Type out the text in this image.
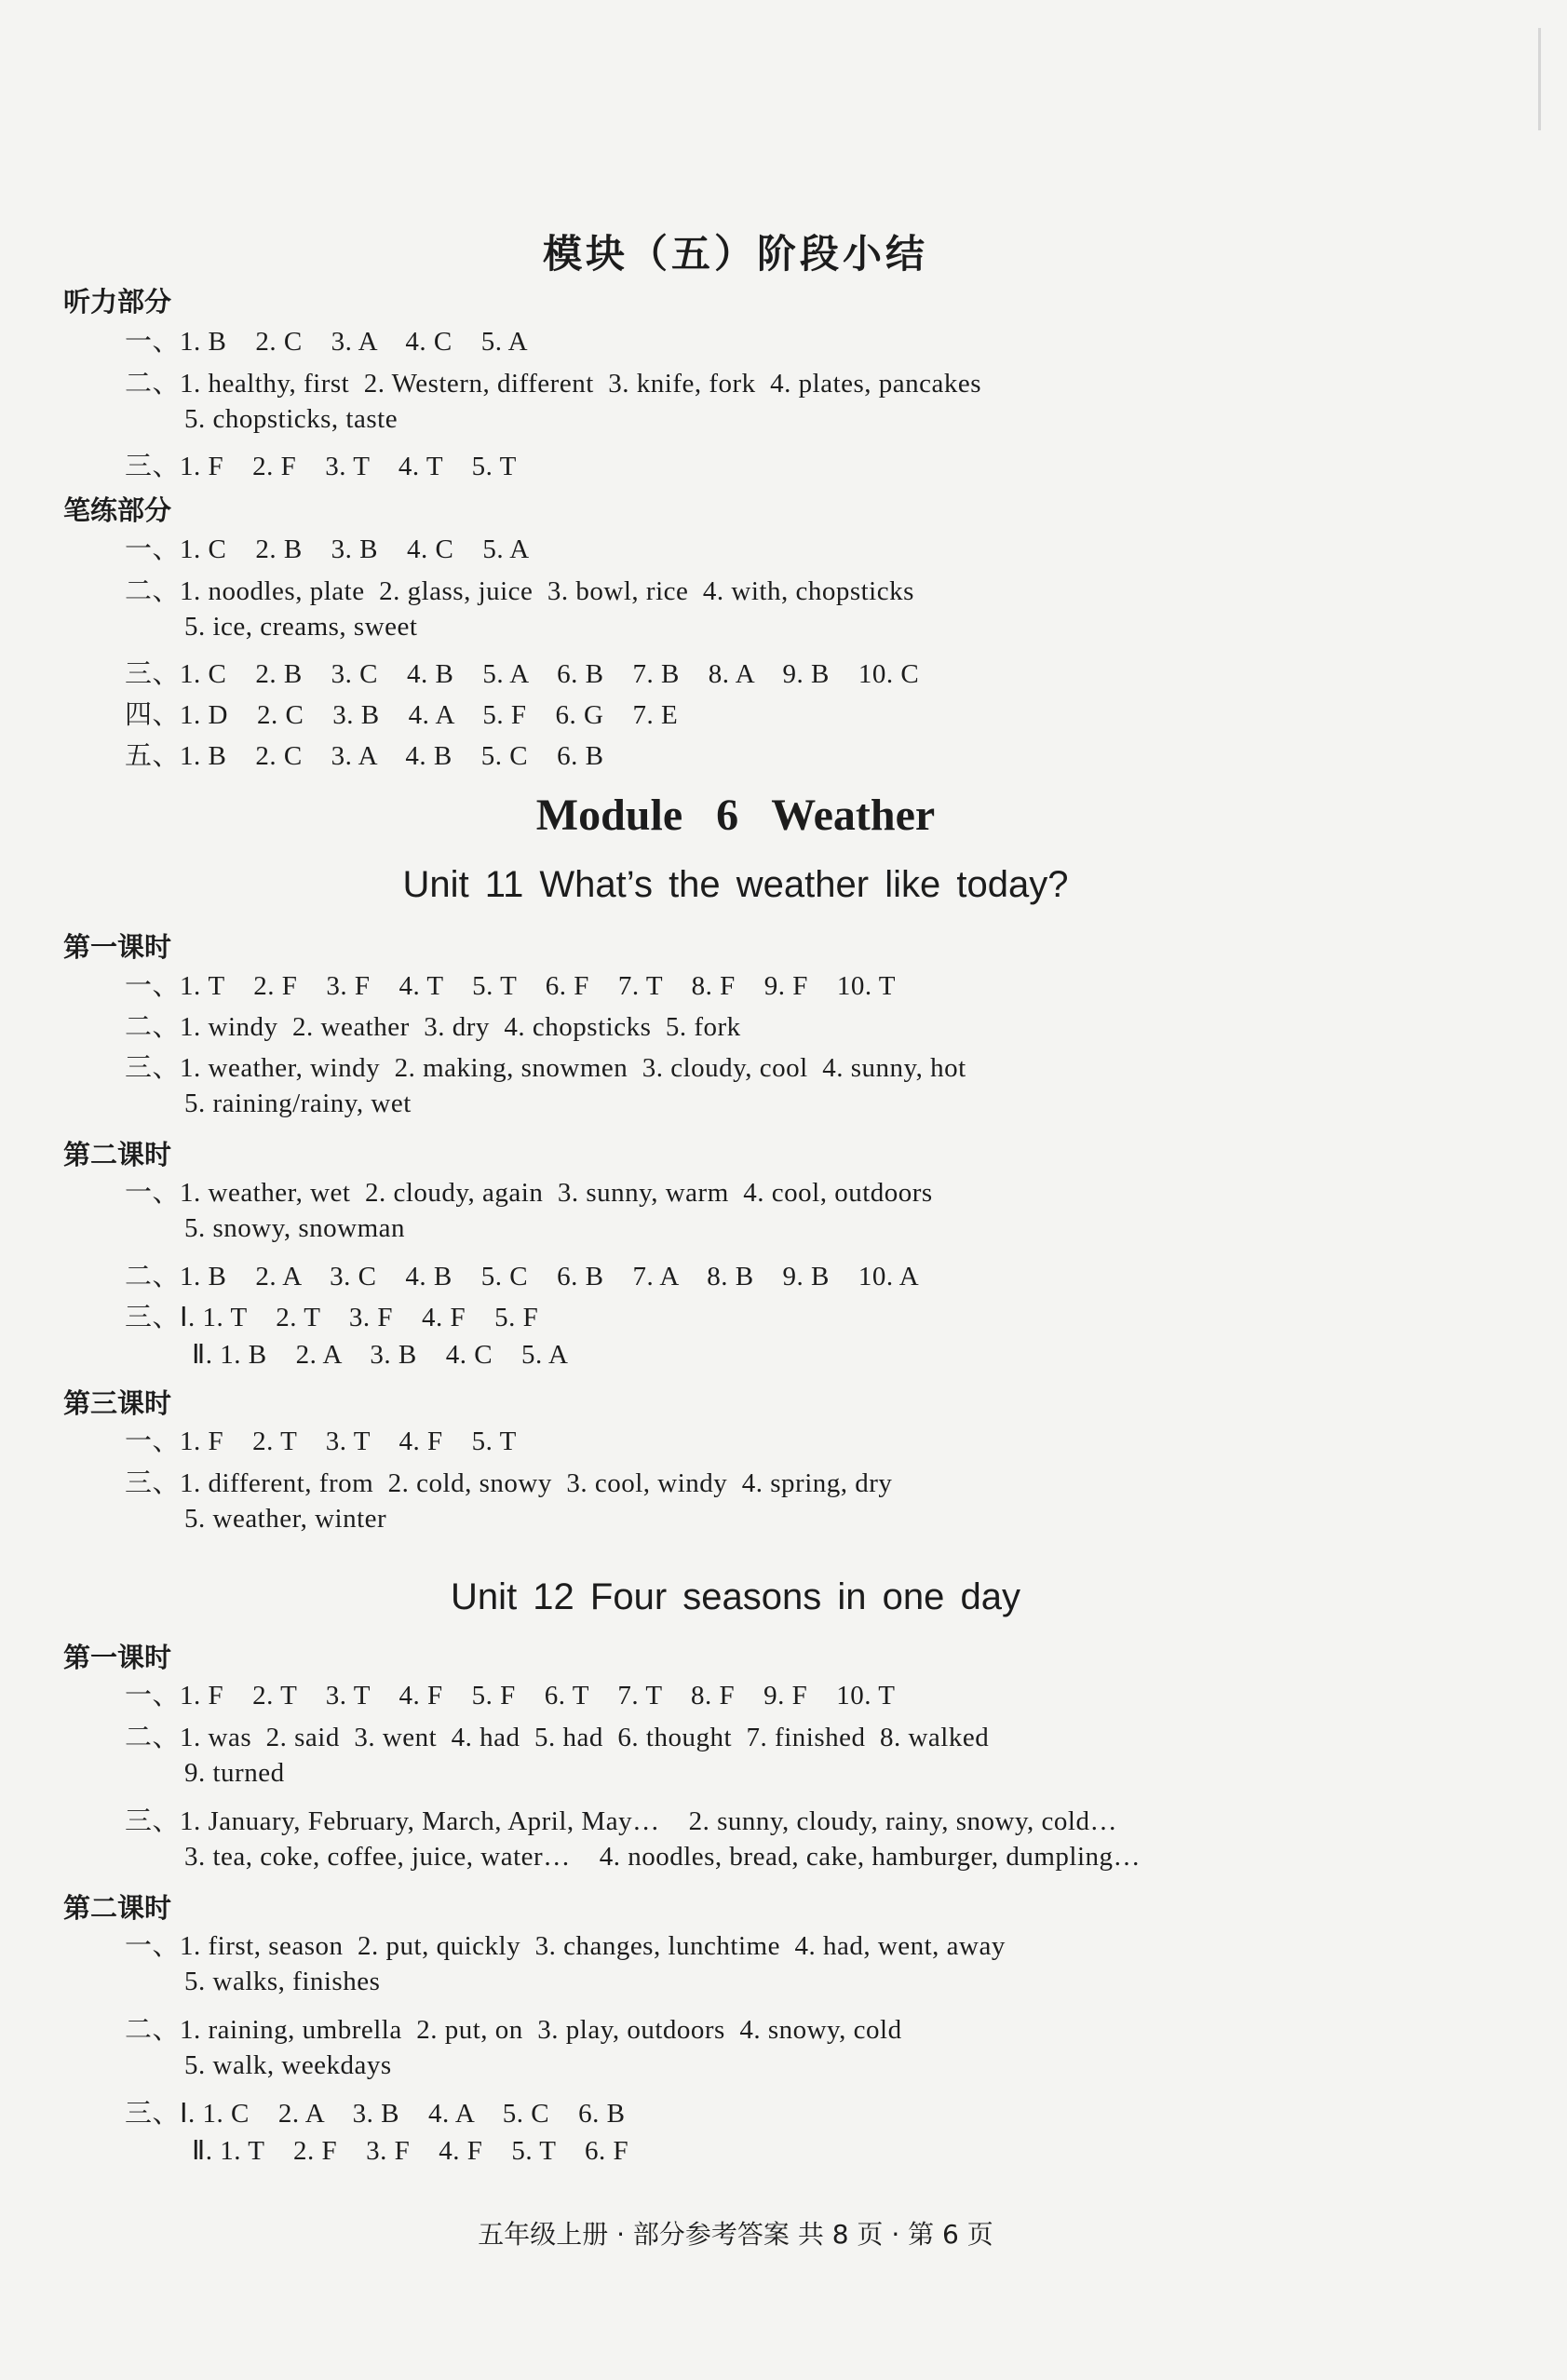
模块（五）阶段小结
听力部分
一、1. B    2. C    3. A    4. C    5. A
二、1. healthy, first  2. Western, different  3. knife, fork  4. plates, pancakes
5. chopsticks, taste
三、1. F    2. F    3. T    4. T    5. T
笔练部分
一、1. C    2. B    3. B    4. C    5. A
二、1. noodles, plate  2. glass, juice  3. bowl, rice  4. with, chopsticks
5. ice, creams, sweet
三、1. C    2. B    3. C    4. B    5. A    6. B    7. B    8. A    9. B    10. C
四、1. D    2. C    3. B    4. A    5. F    6. G    7. E
五、1. B    2. C    3. A    4. B    5. C    6. B
Module 6 Weather
Unit 11 What’s the weather like today?
第一课时
一、1. T    2. F    3. F    4. T    5. T    6. F    7. T    8. F    9. F    10. T
二、1. windy  2. weather  3. dry  4. chopsticks  5. fork
三、1. weather, windy  2. making, snowmen  3. cloudy, cool  4. sunny, hot
5. raining/rainy, wet
第二课时
一、1. weather, wet  2. cloudy, again  3. sunny, warm  4. cool, outdoors
5. snowy, snowman
二、1. B    2. A    3. C    4. B    5. C    6. B    7. A    8. B    9. B    10. A
三、Ⅰ. 1. T    2. T    3. F    4. F    5. F
Ⅱ. 1. B    2. A    3. B    4. C    5. A
第三课时
一、1. F    2. T    3. T    4. F    5. T
三、1. different, from  2. cold, snowy  3. cool, windy  4. spring, dry
5. weather, winter
Unit 12 Four seasons in one day
第一课时
一、1. F    2. T    3. T    4. F    5. F    6. T    7. T    8. F    9. F    10. T
二、1. was  2. said  3. went  4. had  5. had  6. thought  7. finished  8. walked
9. turned
三、1. January, February, March, April, May…    2. sunny, cloudy, rainy, snowy, cold…
3. tea, coke, coffee, juice, water…    4. noodles, bread, cake, hamburger, dumpling…
第二课时
一、1. first, season  2. put, quickly  3. changes, lunchtime  4. had, went, away
5. walks, finishes
二、1. raining, umbrella  2. put, on  3. play, outdoors  4. snowy, cold
5. walk, weekdays
三、Ⅰ. 1. C    2. A    3. B    4. A    5. C    6. B
Ⅱ. 1. T    2. F    3. F    4. F    5. T    6. F
五年级上册 · 部分参考答案 共 8 页 · 第 6 页
